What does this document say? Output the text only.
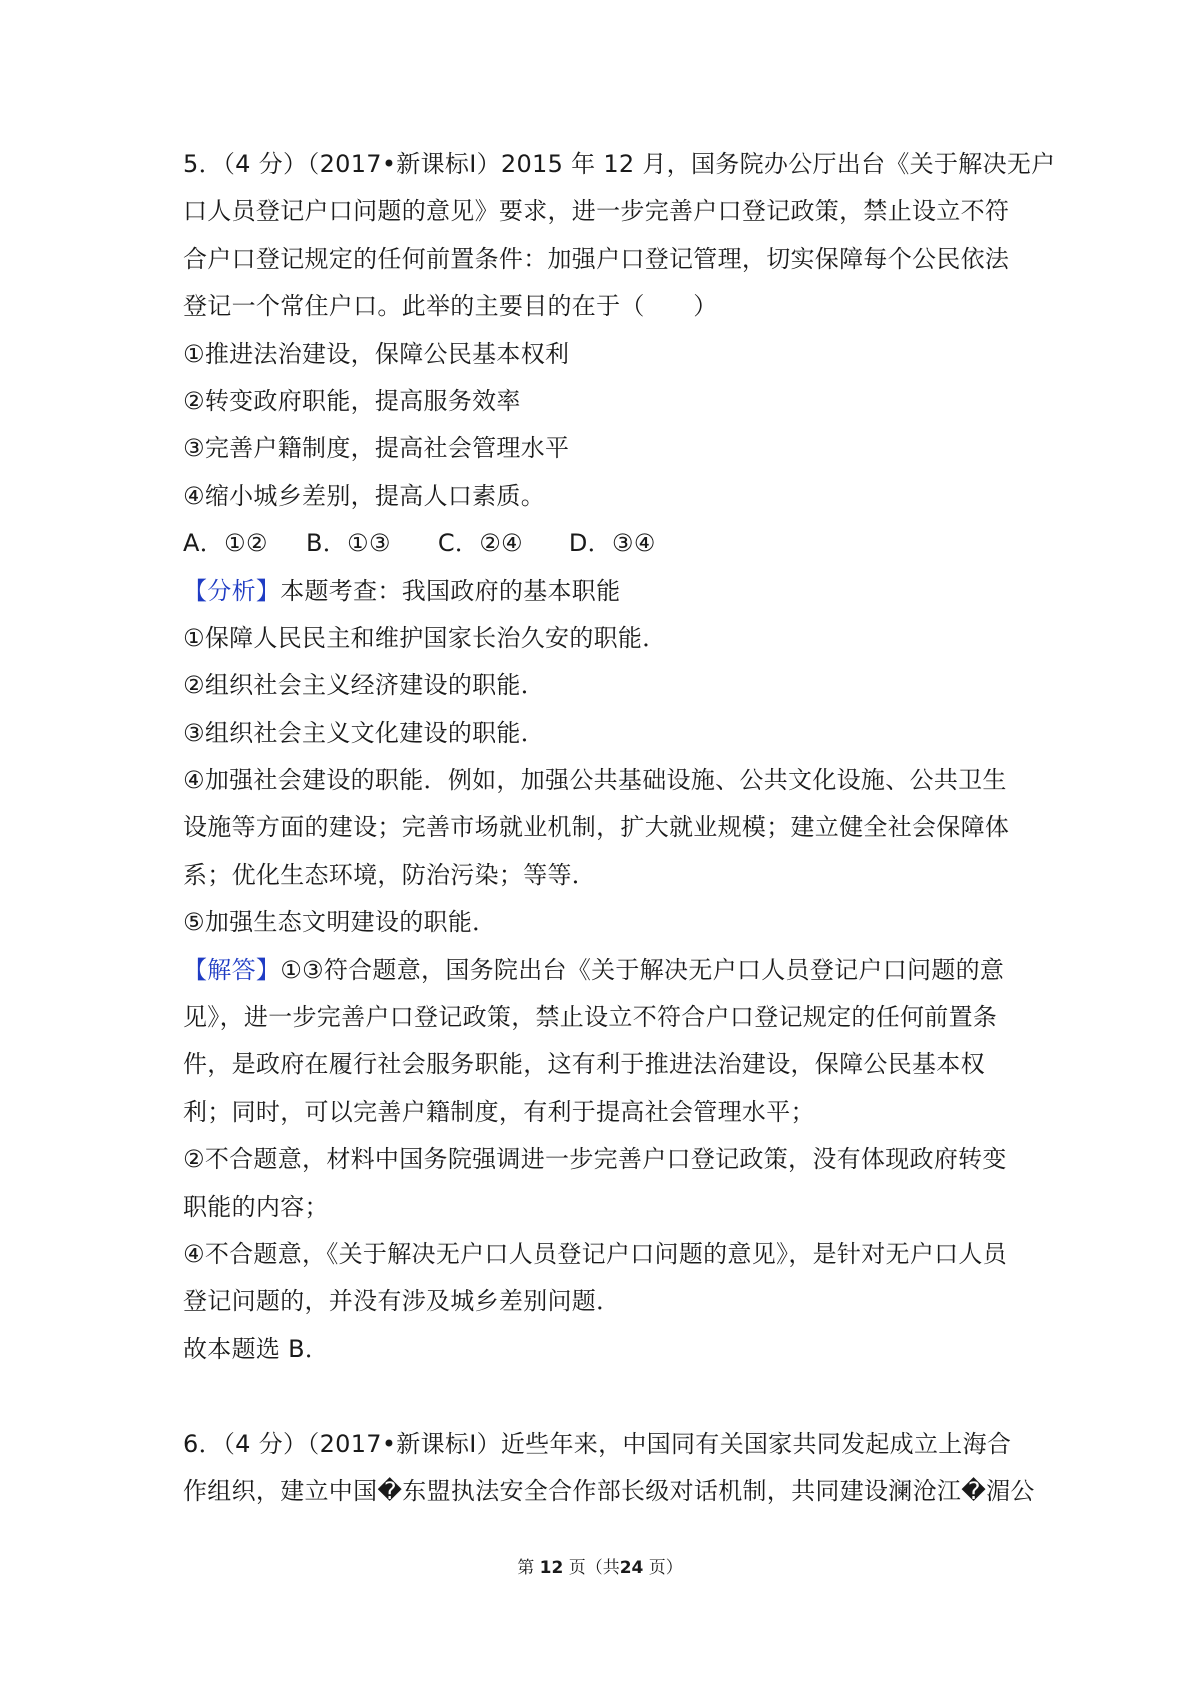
5．（4 分）（2017•新课标Ⅰ）2015 年 12 月，国务院办公厅出台《关于解决无户
口人员登记户口问题的意见》要求，进一步完善户口登记政策，禁止设立不符
合户口登记规定的任何前置条件：加强户口登记管理，切实保障每个公民依法
登记一个常住户口。此举的主要目的在于（　　）
①推进法治建设，保障公民基本权利
②转变政府职能，提高服务效率
③完善户籍制度，提高社会管理水平
④缩小城乡差别，提高人口素质。
A．①② B．①③ C．②④ D．③④
【分析】本题考查：我国政府的基本职能
①保障人民民主和维护国家长治久安的职能．
②组织社会主义经济建设的职能．
③组织社会主义文化建设的职能．
④加强社会建设的职能．例如，加强公共基础设施、公共文化设施、公共卫生
设施等方面的建设；完善市场就业机制，扩大就业规模；建立健全社会保障体
系；优化生态环境，防治污染；等等．
⑤加强生态文明建设的职能．
【解答】①③符合题意，国务院出台《关于解决无户口人员登记户口问题的意
见》，进一步完善户口登记政策，禁止设立不符合户口登记规定的任何前置条
件，是政府在履行社会服务职能，这有利于推进法治建设，保障公民基本权
利；同时，可以完善户籍制度，有利于提高社会管理水平；
②不合题意，材料中国务院强调进一步完善户口登记政策，没有体现政府转变
职能的内容；
④不合题意，《关于解决无户口人员登记户口问题的意见》，是针对无户口人员
登记问题的，并没有涉及城乡差别问题．
故本题选 B．
6．（4 分）（2017•新课标Ⅰ）近些年来，中国同有关国家共同发起成立上海合
作组织，建立中国�东盟执法安全合作部长级对话机制，共同建设澜沧江�湄公
第 12 页（共24 页）
